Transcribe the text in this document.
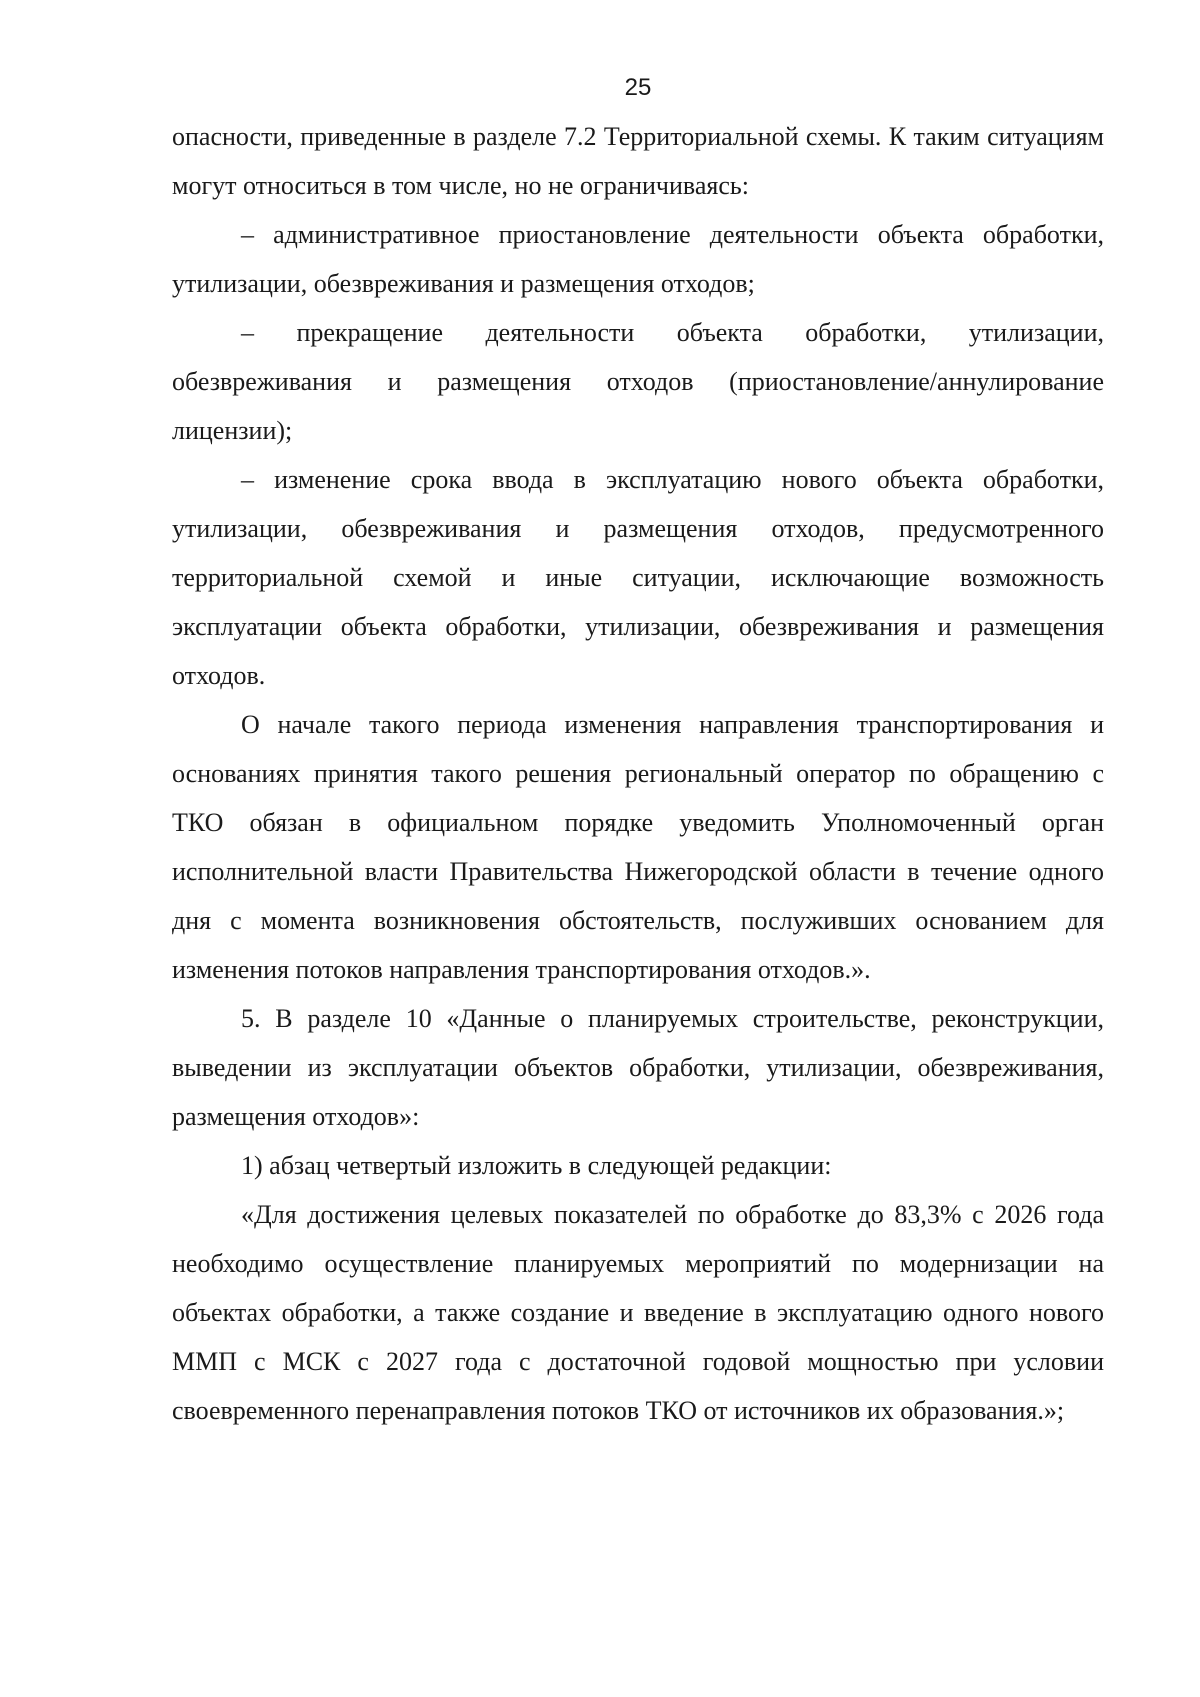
25

опасности, приведенные в разделе 7.2 Территориальной схемы. К таким ситуациям могут относиться в том числе, но не ограничиваясь:

– административное приостановление деятельности объекта обработки, утилизации, обезвреживания и размещения отходов;

– прекращение деятельности объекта обработки, утилизации, обезвреживания и размещения отходов (приостановление/аннулирование лицензии);

– изменение срока ввода в эксплуатацию нового объекта обработки, утилизации, обезвреживания и размещения отходов, предусмотренного территориальной схемой и иные ситуации, исключающие возможность эксплуатации объекта обработки, утилизации, обезвреживания и размещения отходов.

О начале такого периода изменения направления транспортирования и основаниях принятия такого решения региональный оператор по обращению с ТКО обязан в официальном порядке уведомить Уполномоченный орган исполнительной власти Правительства Нижегородской области в течение одного дня с момента возникновения обстоятельств, послуживших основанием для изменения потоков направления транспортирования отходов.».

5. В разделе 10 «Данные о планируемых строительстве, реконструкции, выведении из эксплуатации объектов обработки, утилизации, обезвреживания, размещения отходов»:

1) абзац четвертый изложить в следующей редакции:

«Для достижения целевых показателей по обработке до 83,3% с 2026 года необходимо осуществление планируемых мероприятий по модернизации на объектах обработки, а также создание и введение в эксплуатацию одного нового ММП с МСК с 2027 года с достаточной годовой мощностью при условии своевременного перенаправления потоков ТКО от источников их образования.»;
